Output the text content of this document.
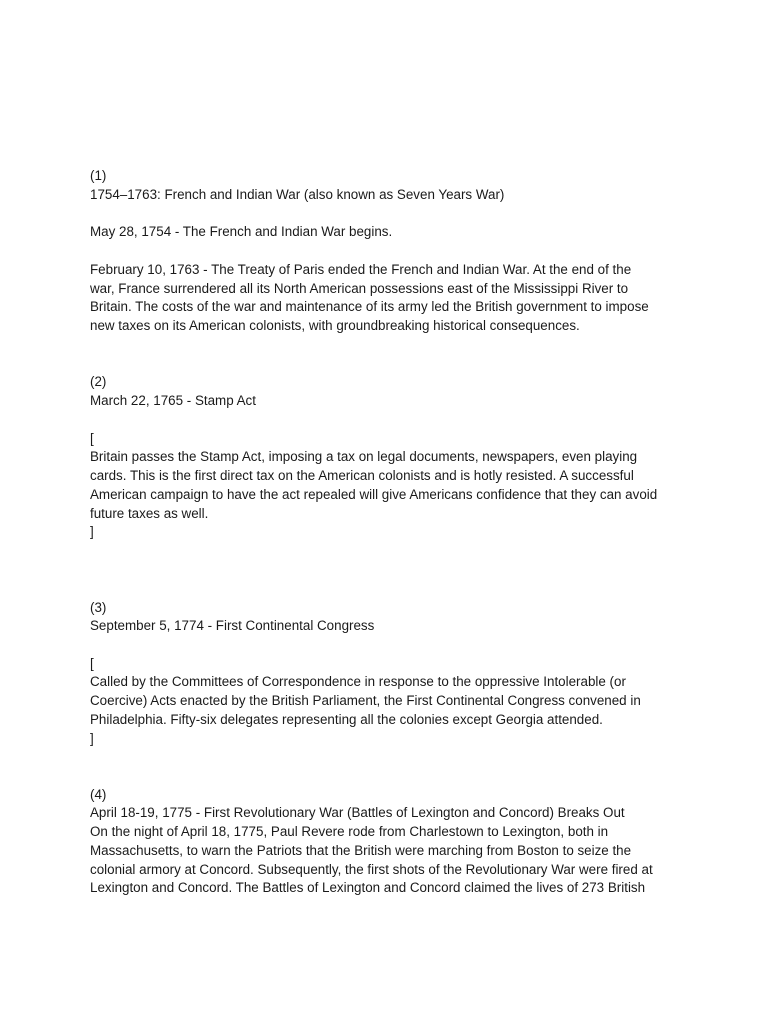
(1)
1754–1763: French and Indian War (also known as Seven Years War)
May 28, 1754 - The French and Indian War begins.
February 10, 1763 - The Treaty of Paris ended the French and Indian War. At the end of the
war, France surrendered all its North American possessions east of the Mississippi River to
Britain. The costs of the war and maintenance of its army led the British government to impose
new taxes on its American colonists, with groundbreaking historical consequences.
(2)
March 22, 1765 - Stamp Act
[
Britain passes the Stamp Act, imposing a tax on legal documents, newspapers, even playing
cards. This is the first direct tax on the American colonists and is hotly resisted. A successful
American campaign to have the act repealed will give Americans confidence that they can avoid
future taxes as well.
]
(3)
September 5, 1774 - First Continental Congress
[
Called by the Committees of Correspondence in response to the oppressive Intolerable (or
Coercive) Acts enacted by the British Parliament, the First Continental Congress convened in
Philadelphia. Fifty-six delegates representing all the colonies except Georgia attended.
]
(4)
April 18-19, 1775 - First Revolutionary War (Battles of Lexington and Concord) Breaks Out
On the night of April 18, 1775, Paul Revere rode from Charlestown to Lexington, both in
Massachusetts, to warn the Patriots that the British were marching from Boston to seize the
colonial armory at Concord. Subsequently, the first shots of the Revolutionary War were fired at
Lexington and Concord. The Battles of Lexington and Concord claimed the lives of 273 British
